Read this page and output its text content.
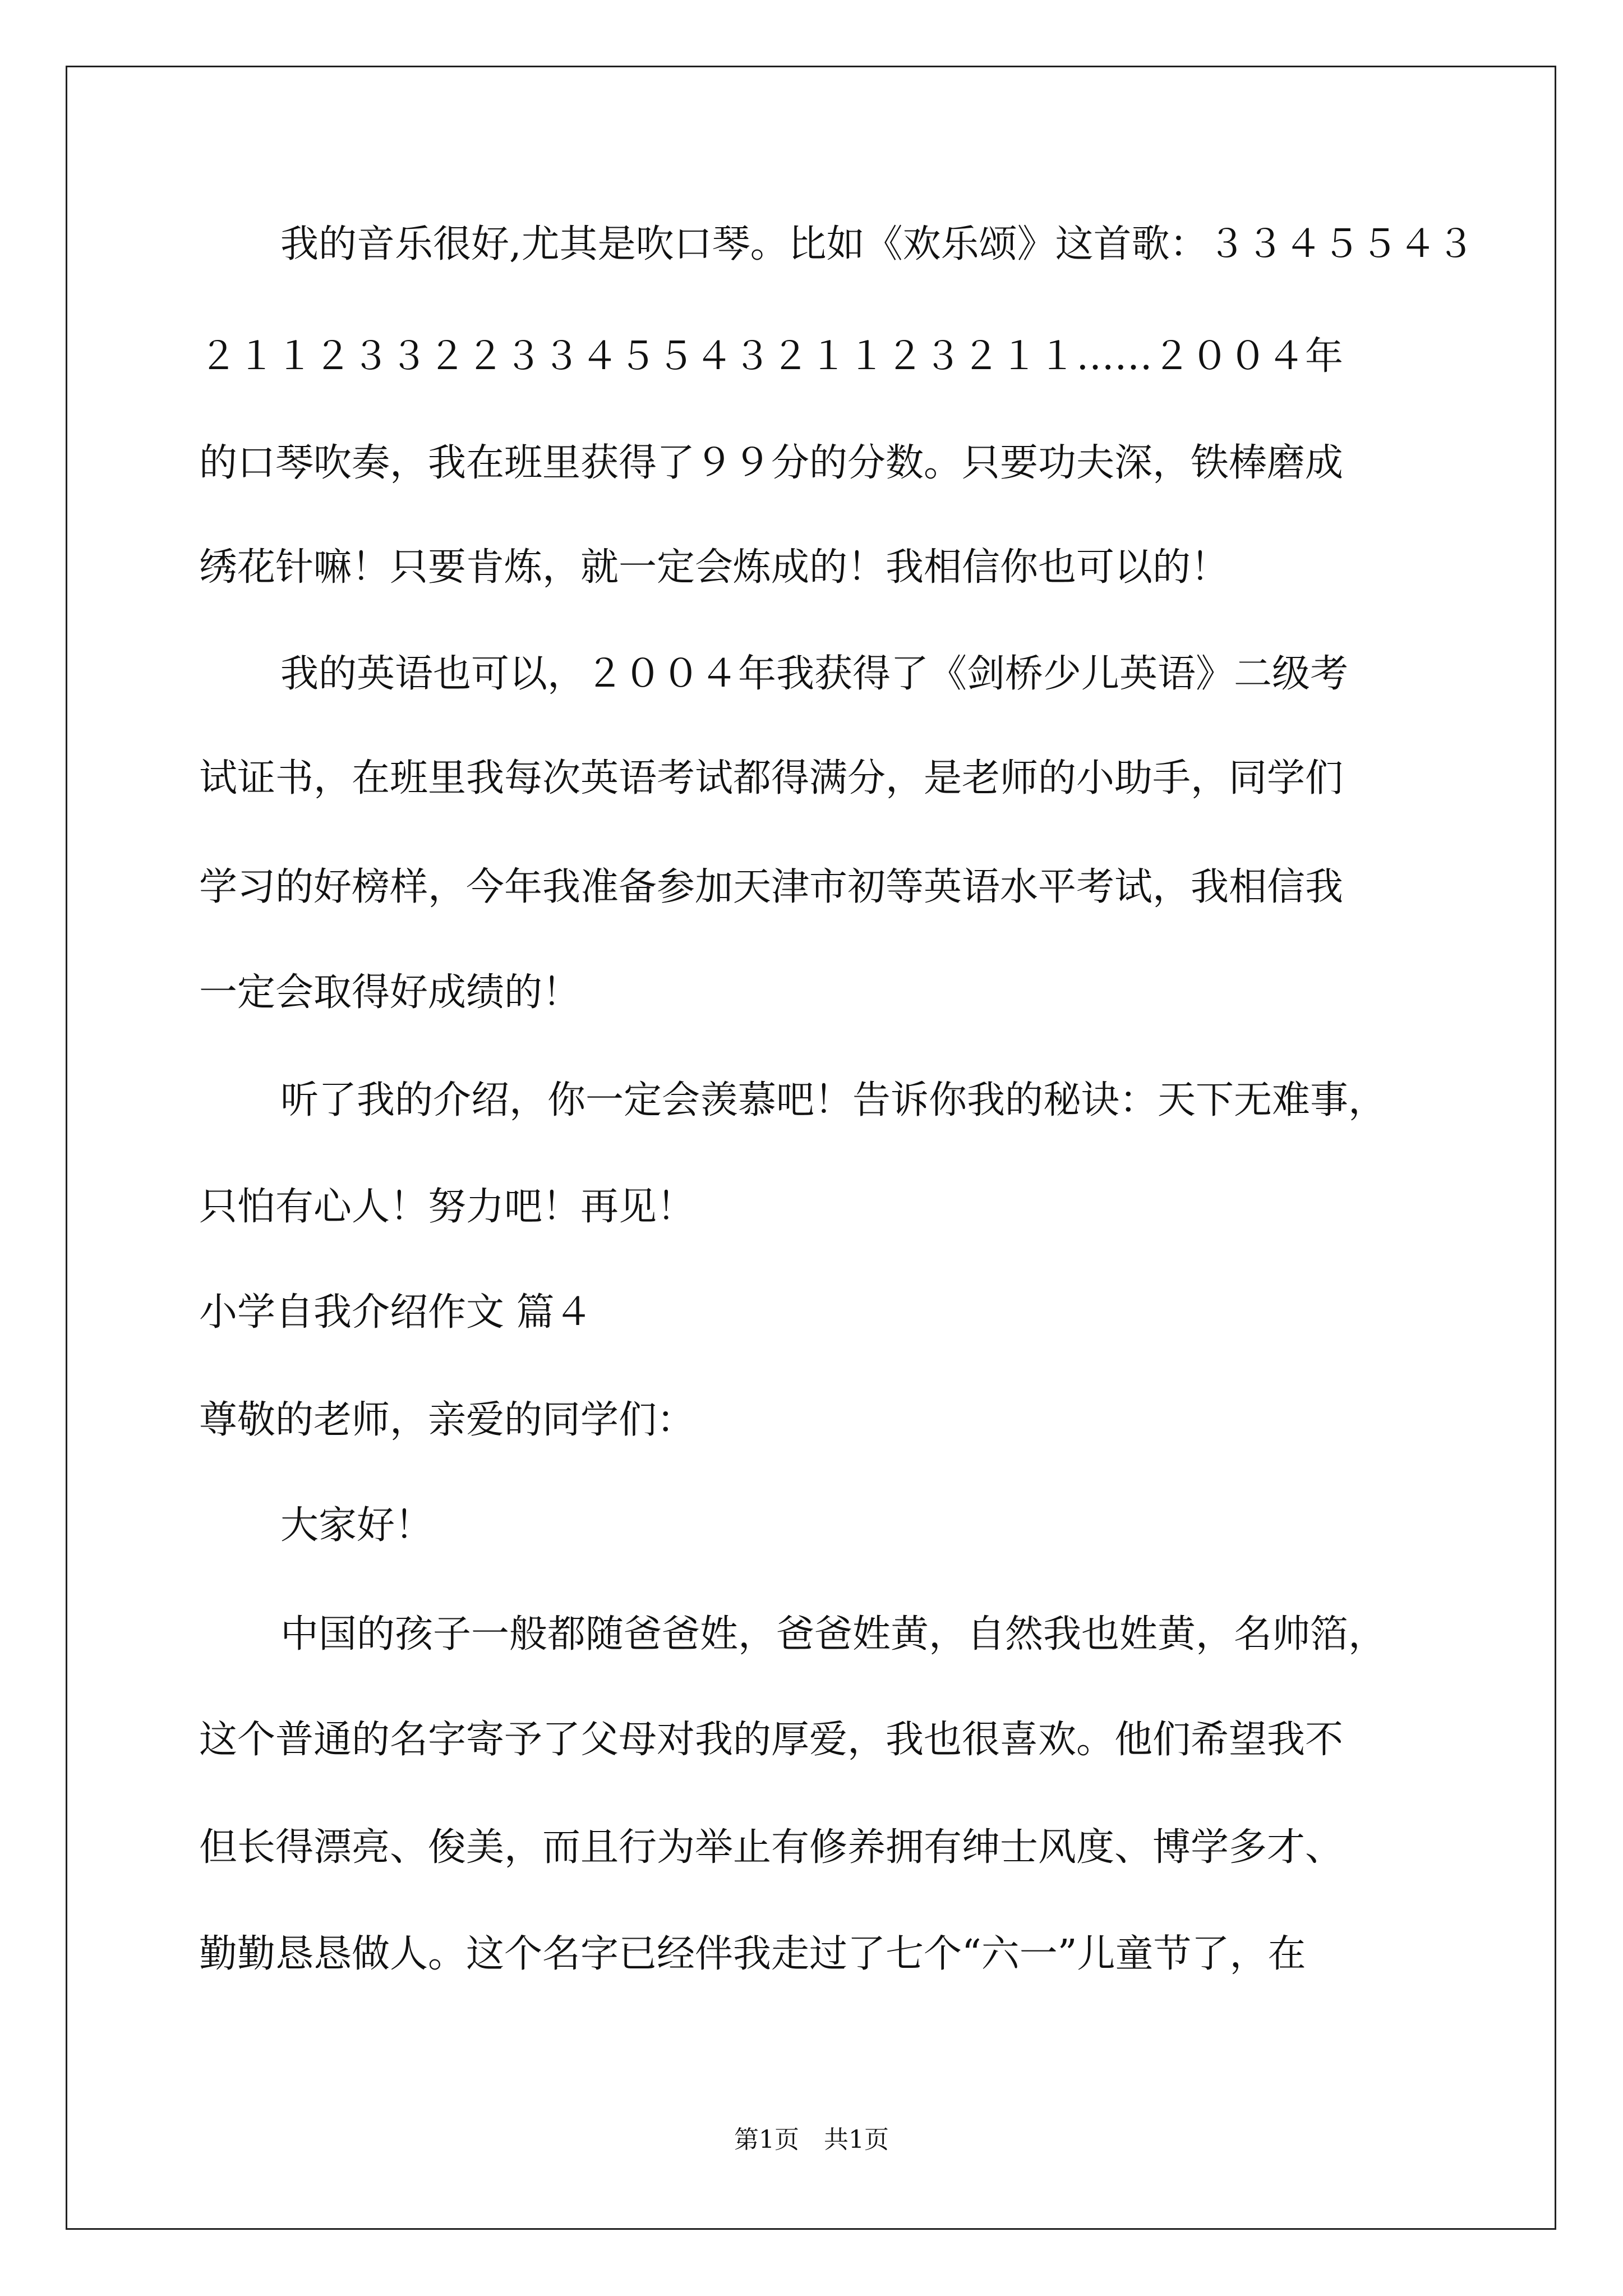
我的音乐很好,尤其是吹口琴。比如《欢乐颂》这首歌：３３４５５４３
２１１２３３２２３３４５５４３２１１２３２１１……２００４年
的口琴吹奏，我在班里获得了９９分的分数。只要功夫深，铁棒磨成
绣花针嘛！只要肯炼，就一定会炼成的！我相信你也可以的！
我的英语也可以，２００４年我获得了《剑桥少儿英语》二级考
试证书，在班里我每次英语考试都得满分，是老师的小助手，同学们
学习的好榜样，今年我准备参加天津市初等英语水平考试，我相信我
一定会取得好成绩的！
听了我的介绍，你一定会羡慕吧！告诉你我的秘诀：天下无难事，
只怕有心人！努力吧！再见！
小学自我介绍作文 篇４
尊敬的老师，亲爱的同学们：
大家好！
中国的孩子一般都随爸爸姓，爸爸姓黄，自然我也姓黄，名帅箔，
这个普通的名字寄予了父母对我的厚爱，我也很喜欢。他们希望我不
但长得漂亮、俊美，而且行为举止有修养拥有绅士风度、博学多才、
勤勤恳恳做人。这个名字已经伴我走过了七个“六一”儿童节了，在
第1页　共1页
